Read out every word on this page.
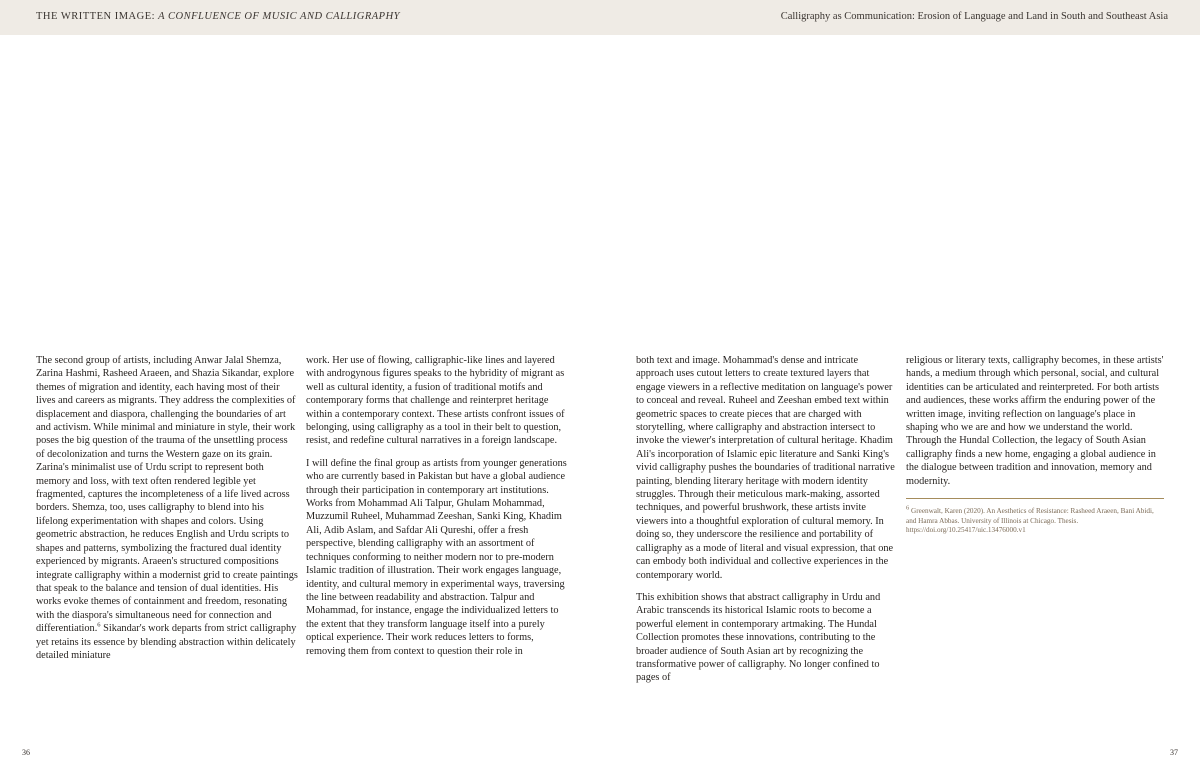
THE WRITTEN IMAGE: A CONFLUENCE OF MUSIC AND CALLIGRAPHY	Calligraphy as Communication: Erosion of Language and Land in South and Southeast Asia

The second group of artists, including Anwar Jalal Shemza, Zarina Hashmi, Rasheed Araeen, and Shazia Sikandar, explore themes of migration and identity, each having most of their lives and careers as migrants. They address the complexities of displacement and diaspora, challenging the boundaries of art and activism. While minimal and miniature in style, their work poses the big question of the trauma of the unsettling process of decolonization and turns the Western gaze on its grain. Zarina's minimalist use of Urdu script to represent both memory and loss, with text often rendered legible yet fragmented, captures the incompleteness of a life lived across borders. Shemza, too, uses calligraphy to blend into his lifelong experimentation with shapes and colors. Using geometric abstraction, he reduces English and Urdu scripts to shapes and patterns, symbolizing the fractured dual identity experienced by migrants. Araeen's structured compositions integrate calligraphy within a modernist grid to create paintings that speak to the balance and tension of dual identities. His works evoke themes of containment and freedom, resonating with the diaspora's simultaneous need for connection and differentiation.$^6$ Sikandar's work departs from strict calligraphy yet retains its essence by blending abstraction within delicately detailed miniature

work. Her use of flowing, calligraphic-like lines and layered with androgynous figures speaks to the hybridity of migrant as well as cultural identity, a fusion of traditional motifs and contemporary forms that challenge and reinterpret heritage within a contemporary context. These artists confront issues of belonging, using calligraphy as a tool in their belt to question, resist, and redefine cultural narratives in a foreign landscape.

I will define the final group as artists from younger generations who are currently based in Pakistan but have a global audience through their participation in contemporary art institutions. Works from Mohammad Ali Talpur, Ghulam Mohammad, Muzzumil Ruheel, Muhammad Zeeshan, Sanki King, Khadim Ali, Adib Aslam, and Safdar Ali Qureshi, offer a fresh perspective, blending calligraphy with an assortment of techniques conforming to neither modern nor to pre-modern Islamic tradition of illustration. Their work engages language, identity, and cultural memory in experimental ways, traversing the line between readability and abstraction. Talpur and Mohammad, for instance, engage the individualized letters to the extent that they transform language itself into a purely optical experience. Their work reduces letters to forms, removing them from context to question their role in

both text and image. Mohammad's dense and intricate approach uses cutout letters to create textured layers that engage viewers in a reflective meditation on language's power to conceal and reveal. Ruheel and Zeeshan embed text within geometric spaces to create pieces that are charged with storytelling, where calligraphy and abstraction intersect to invoke the viewer's interpretation of cultural heritage. Khadim Ali's incorporation of Islamic epic literature and Sanki King's vivid calligraphy pushes the boundaries of traditional narrative painting, blending literary heritage with modern identity struggles. Through their meticulous mark-making, assorted techniques, and powerful brushwork, these artists invite viewers into a thoughtful exploration of cultural memory. In doing so, they underscore the resilience and portability of calligraphy as a mode of literal and visual expression, that one can embody both individual and collective experiences in the contemporary world.

This exhibition shows that abstract calligraphy in Urdu and Arabic transcends its historical Islamic roots to become a powerful element in contemporary artmaking. The Hundal Collection promotes these innovations, contributing to the broader audience of South Asian art by recognizing the transformative power of calligraphy. No longer confined to pages of

religious or literary texts, calligraphy becomes, in these artists' hands, a medium through which personal, social, and cultural identities can be articulated and reinterpreted. For both artists and audiences, these works affirm the enduring power of the written image, inviting reflection on language's place in shaping who we are and how we understand the world. Through the Hundal Collection, the legacy of South Asian calligraphy finds a new home, engaging a global audience in the dialogue between tradition and innovation, memory and modernity.

$^6$ Greenwalt, Karen (2020). An Aesthetics of Resistance: Rasheed Araeen, Bani Abidi, and Hamra Abbas. University of Illinois at Chicago. Thesis. https://doi.org/10.25417/uic.13476000.v1
36	37
